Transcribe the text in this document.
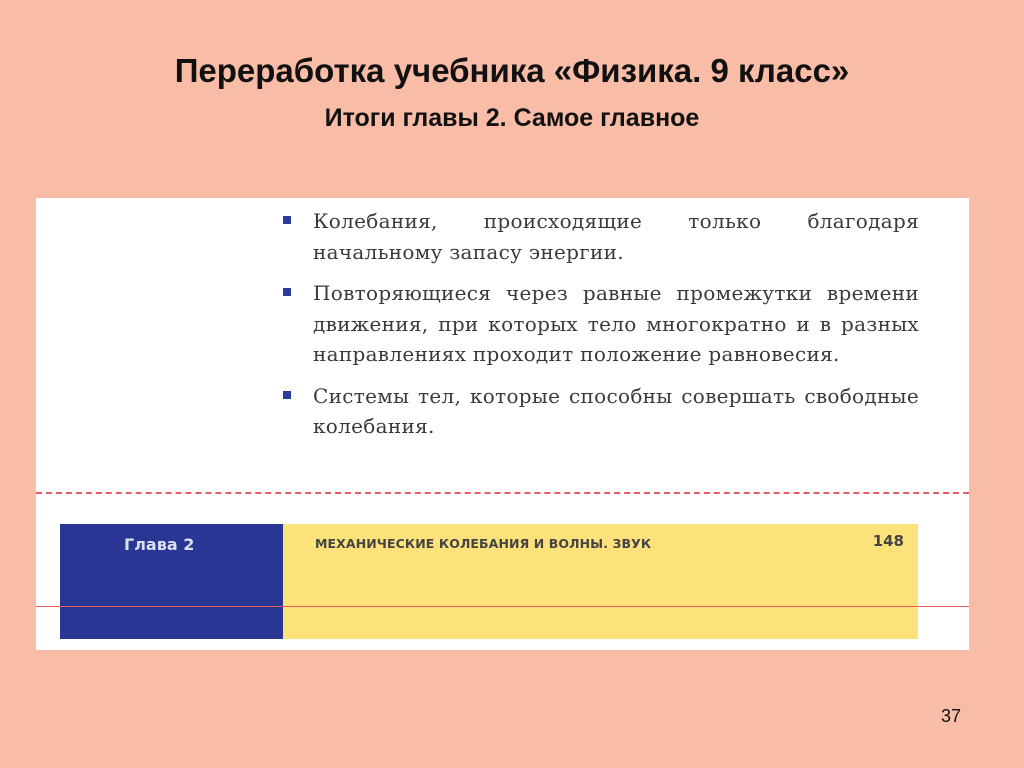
Переработка учебника «Физика. 9 класс»
Итоги главы 2. Самое главное
Колебания, происходящие только благодаря начальному запасу энергии.
Повторяющиеся через равные промежутки времени движения, при которых тело многократно и в разных направлениях проходит положение равновесия.
Системы тел, которые способны совершать свободные колебания.
Глава 2	МЕХАНИЧЕСКИЕ КОЛЕБАНИЯ И ВОЛНЫ. ЗВУК	148
37
